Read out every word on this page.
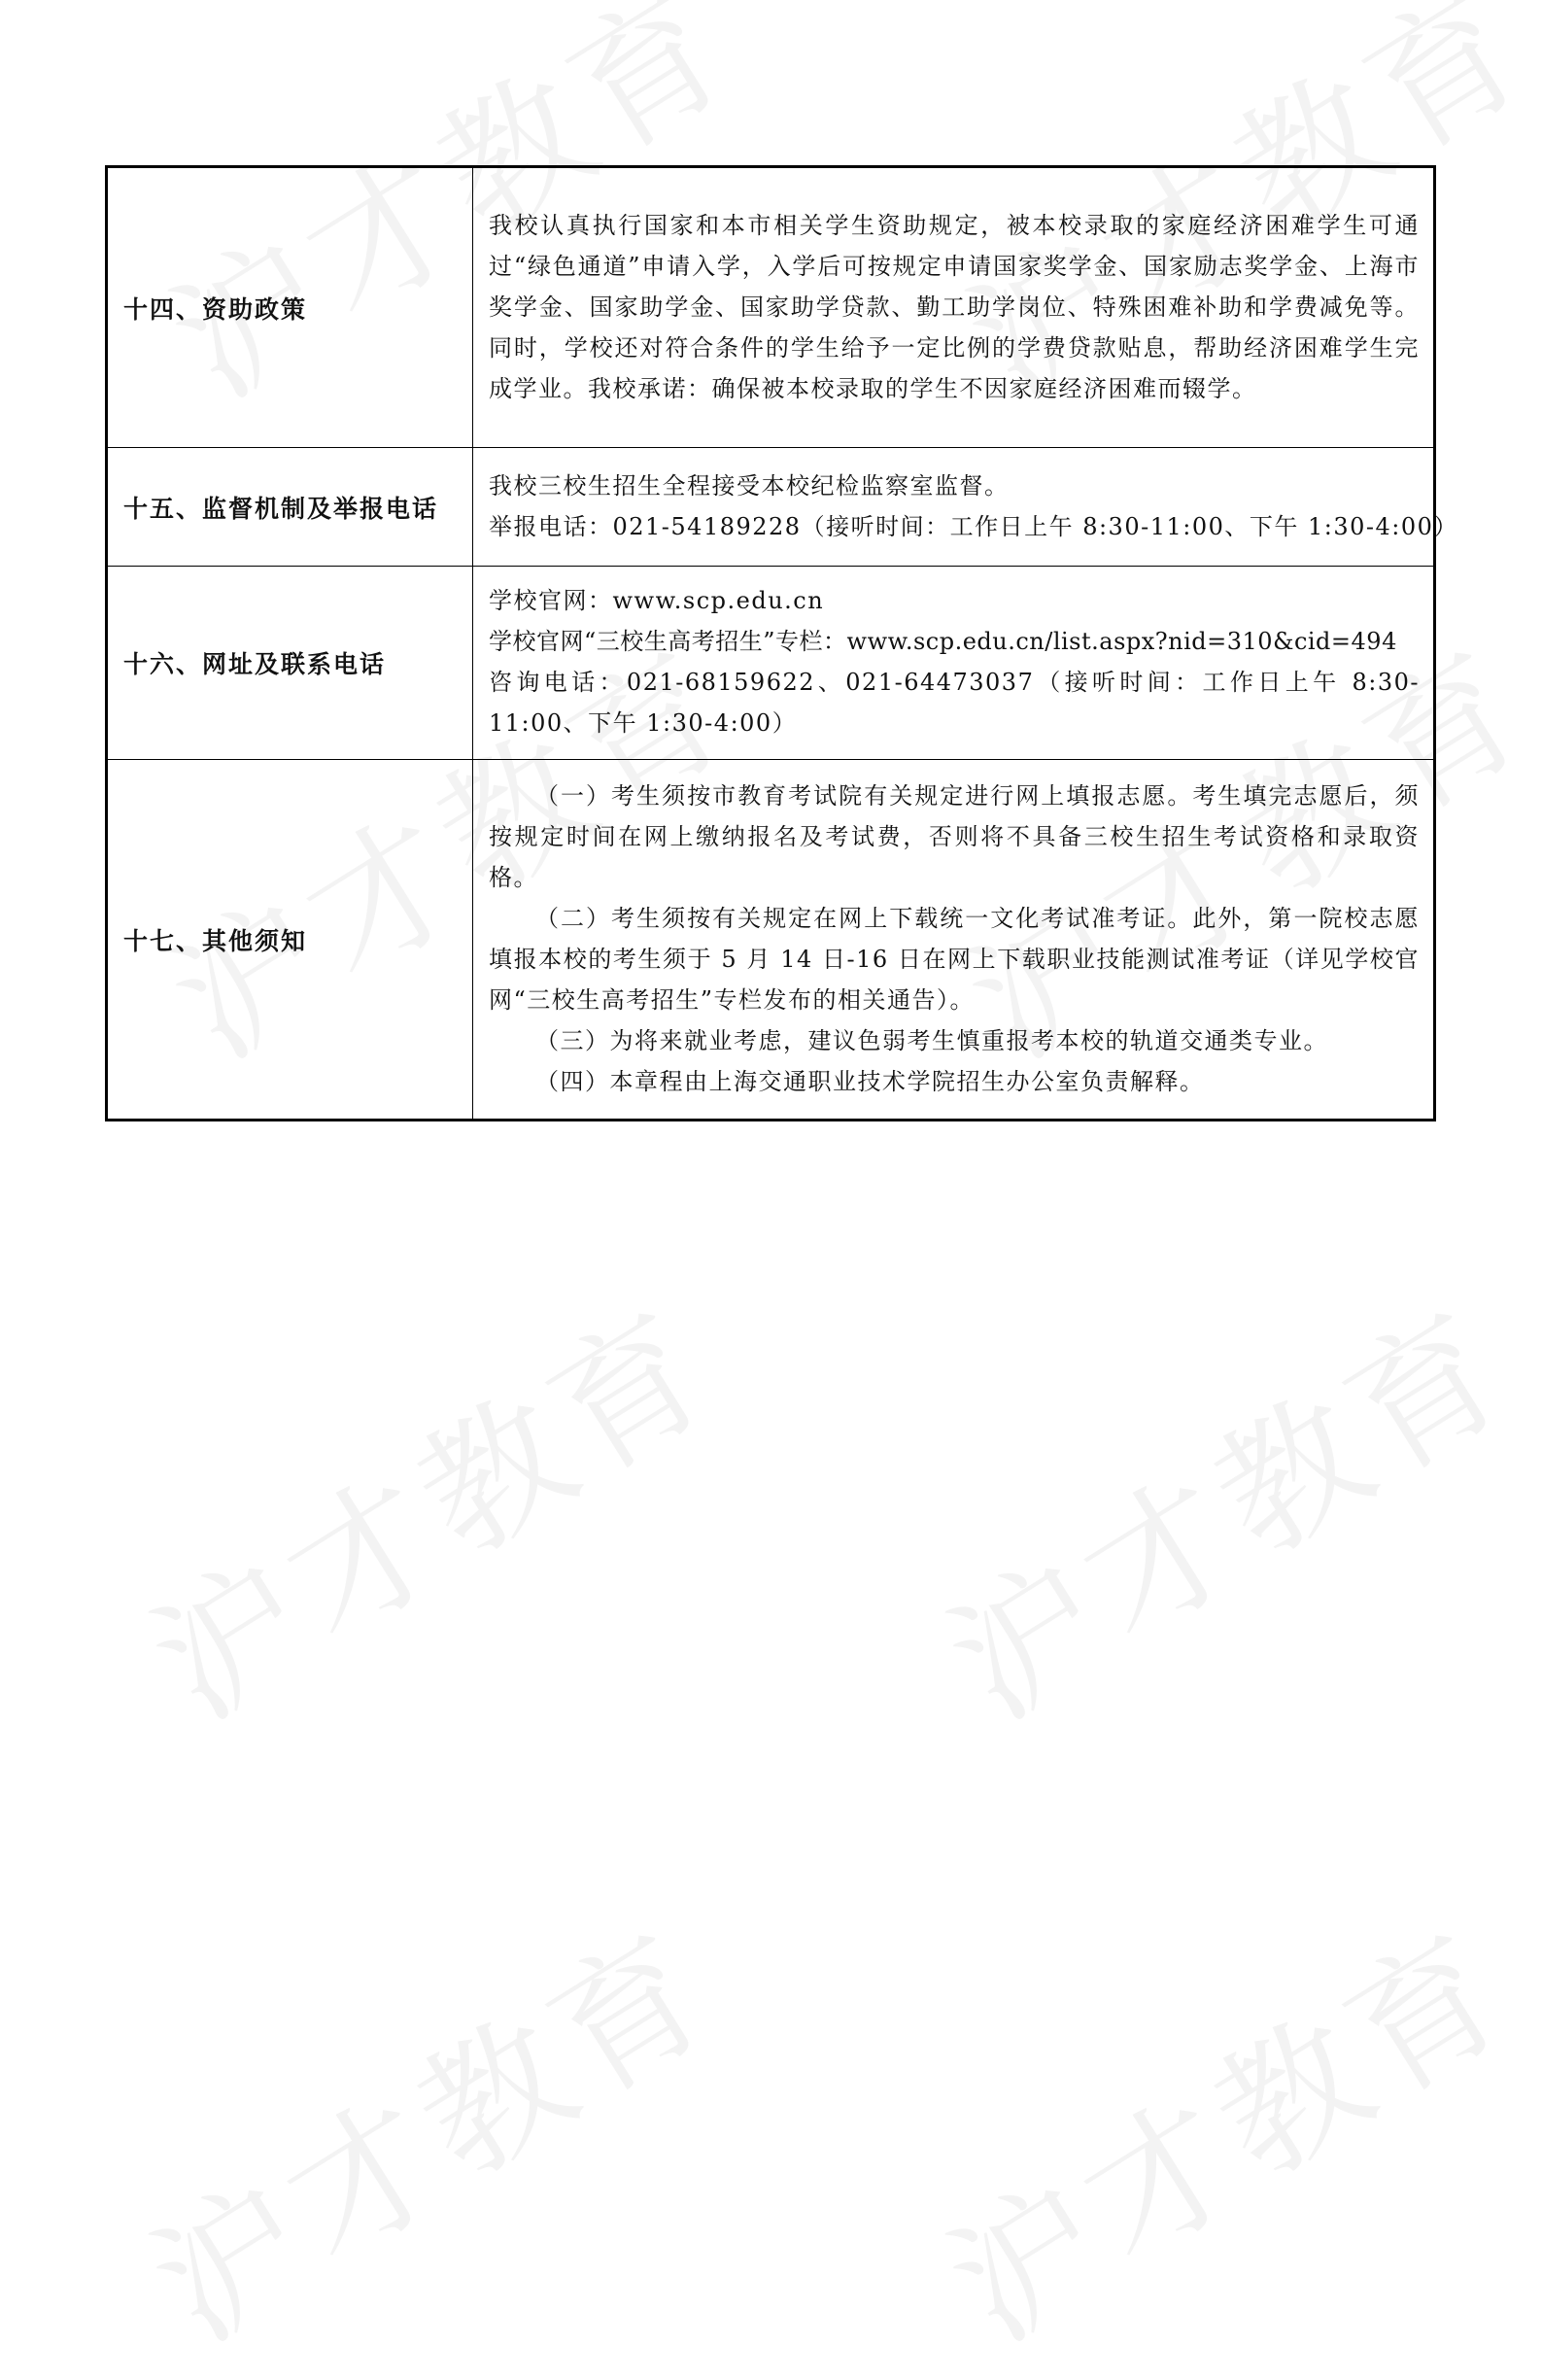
十四、资助政策	我校认真执行国家和本市相关学生资助规定，被本校录取的家庭经济困难学生可通过“绿色通道”申请入学，入学后可按规定申请国家奖学金、国家励志奖学金、上海市奖学金、国家助学金、国家助学贷款、勤工助学岗位、特殊困难补助和学费减免等。同时，学校还对符合条件的学生给予一定比例的学费贷款贴息，帮助经济困难学生完成学业。我校承诺：确保被本校录取的学生不因家庭经济困难而辍学。
十五、监督机制及举报电话	我校三校生招生全程接受本校纪检监察室监督。
举报电话：021-54189228（接听时间：工作日上午 8:30-11:00、下午 1:30-4:00）

十六、网址及联系电话	学校官网：www.scp.edu.cn
学校官网“三校生高考招生”专栏：www.scp.edu.cn/list.aspx?nid=310&cid=494
咨询电话：021-68159622、021-64473037（接听时间：工作日上午 8:30-11:00、下午 1:30-4:00）
十七、其他须知	（一）考生须按市教育考试院有关规定进行网上填报志愿。考生填完志愿后，须按规定时间在网上缴纳报名及考试费，否则将不具备三校生招生考试资格和录取资格。
（二）考生须按有关规定在网上下载统一文化考试准考证。此外，第一院校志愿填报本校的考生须于 5 月 14 日-16 日在网上下载职业技能测试准考证（详见学校官网“三校生高考招生”专栏发布的相关通告）。
（三）为将来就业考虑，建议色弱考生慎重报考本校的轨道交通类专业。
（四）本章程由上海交通职业技术学院招生办公室负责解释。
